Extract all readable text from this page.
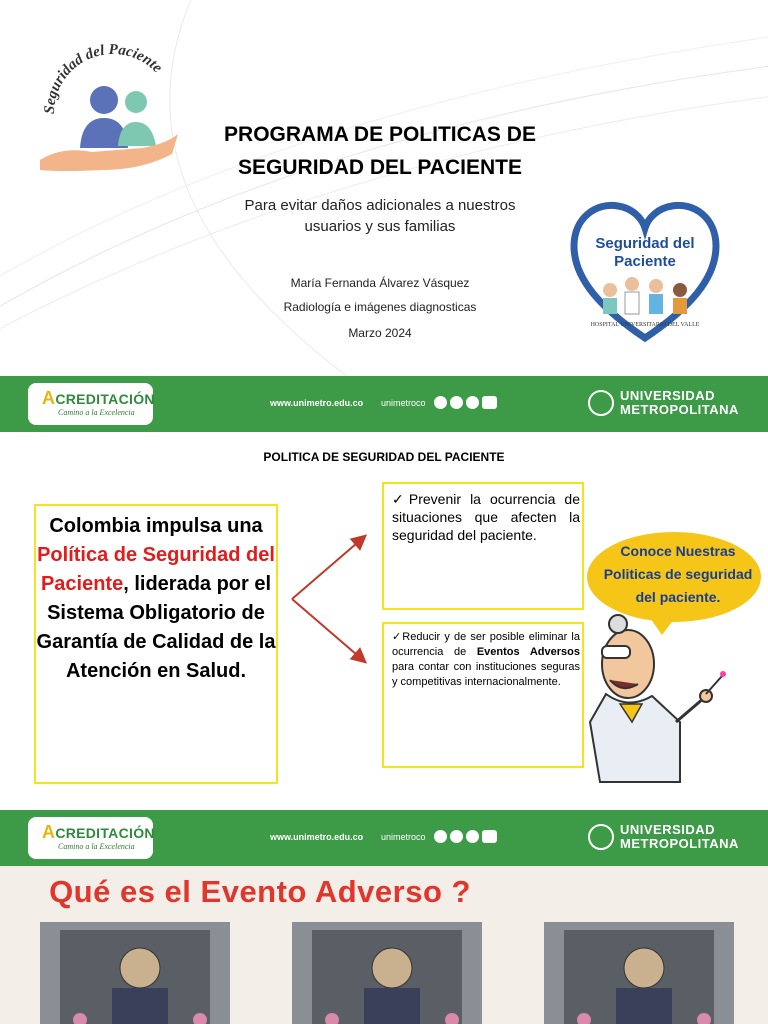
Seguridad del Paciente
PROGRAMA DE POLITICAS DE
SEGURIDAD DEL PACIENTE
Para evitar daños adicionales a nuestros
usuarios y sus familias
María Fernanda Álvarez Vásquez
Radiología e imágenes diagnosticas
Marzo 2024
Seguridad del
Paciente
HOSPITAL UNIVERSITARIO DEL VALLE
ACREDITACIÓN
Camino a la Excelencia
www.unimetro.edu.co unimetroco	UNIVERSIDAD
METROPOLITANA
POLITICA DE SEGURIDAD DEL PACIENTE
Colombia impulsa una Política de Seguridad del Paciente, liderada por el Sistema Obligatorio de Garantía de Calidad de la Atención en Salud.
✓Prevenir la ocurrencia de situaciones que afecten la seguridad del paciente.
✓Reducir y de ser posible eliminar la ocurrencia de Eventos Adversos para contar con instituciones seguras y competitivas internacionalmente.
Conoce Nuestras
Politicas de seguridad
del paciente.
ACREDITACIÓN
Camino a la Excelencia
www.unimetro.edu.co unimetroco	UNIVERSIDAD
METROPOLITANA
Qué es el Evento Adverso ?
